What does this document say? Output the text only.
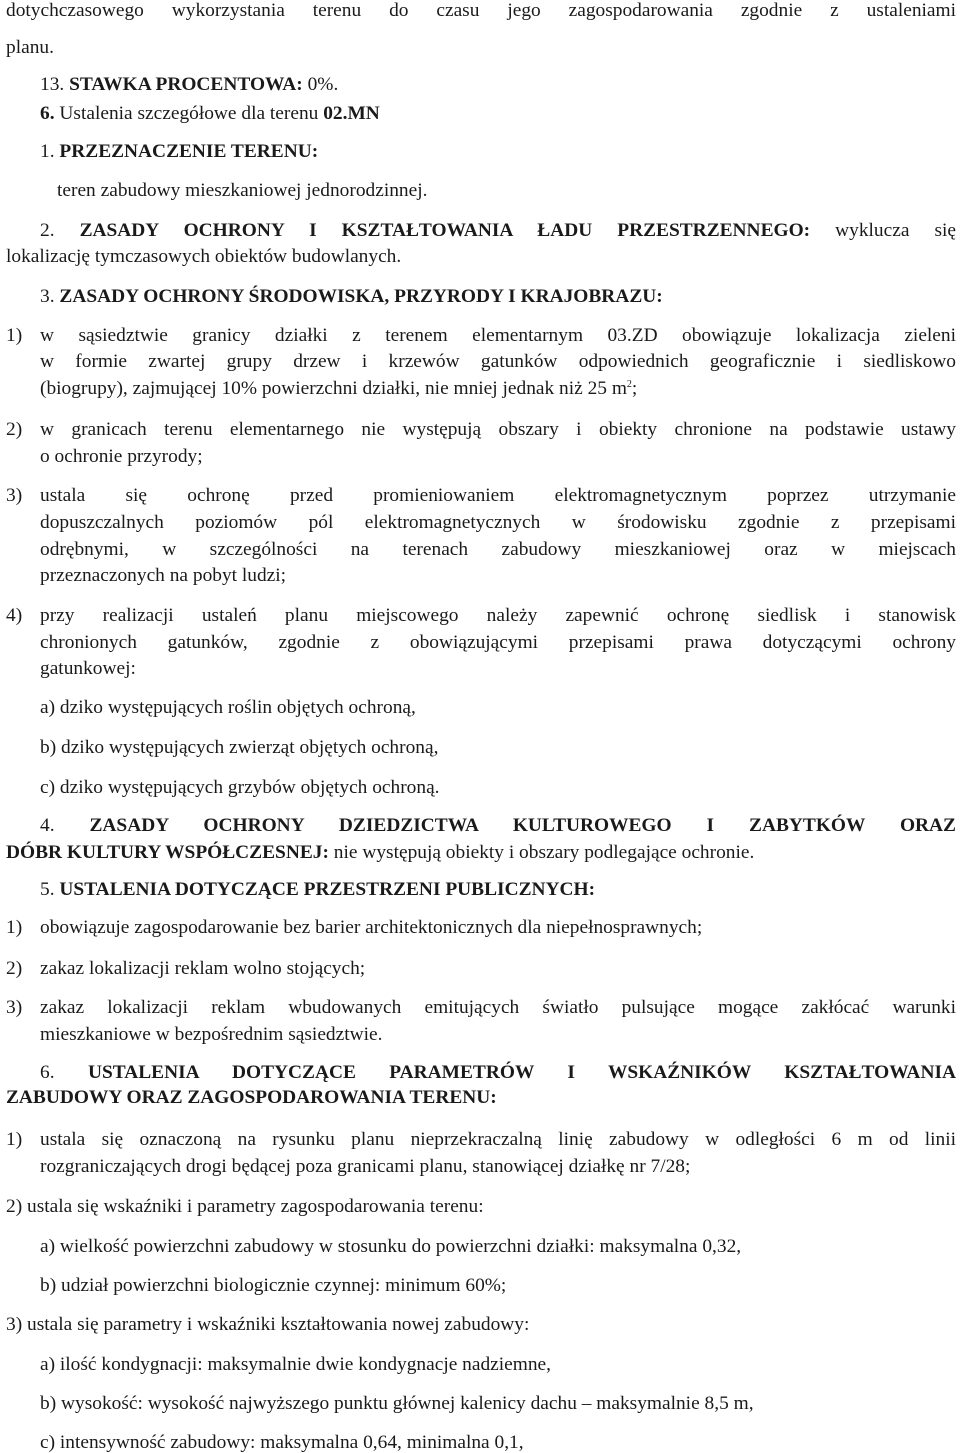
dotychczasowego wykorzystania terenu do czasu jego zagospodarowania zgodnie z ustaleniami
planu.
13. STAWKA PROCENTOWA: 0%.
6. Ustalenia szczegółowe dla terenu 02.MN
1. PRZEZNACZENIE TERENU:
teren zabudowy mieszkaniowej jednorodzinnej.
2. ZASADY OCHRONY I KSZTAŁTOWANIA ŁADU PRZESTRZENNEGO: wyklucza się
lokalizację tymczasowych obiektów budowlanych.
3. ZASADY OCHRONY ŚRODOWISKA, PRZYRODY I KRAJOBRAZU:
1) w sąsiedztwie granicy działki z terenem elementarnym 03.ZD obowiązuje lokalizacja zieleni
w formie zwartej grupy drzew i krzewów gatunków odpowiednich geograficznie i siedliskowo
(biogrupy), zajmującej 10% powierzchni działki, nie mniej jednak niż 25 $m^2$;
2) w granicach terenu elementarnego nie występują obszary i obiekty chronione na podstawie ustawy
o ochronie przyrody;
3) ustala się ochronę przed promieniowaniem elektromagnetycznym poprzez utrzymanie
dopuszczalnych poziomów pól elektromagnetycznych w środowisku zgodnie z przepisami
odrębnymi, w szczególności na terenach zabudowy mieszkaniowej oraz w miejscach
przeznaczonych na pobyt ludzi;
4) przy realizacji ustaleń planu miejscowego należy zapewnić ochronę siedlisk i stanowisk
chronionych gatunków, zgodnie z obowiązującymi przepisami prawa dotyczącymi ochrony
gatunkowej:
a) dziko występujących roślin objętych ochroną,
b) dziko występujących zwierząt objętych ochroną,
c) dziko występujących grzybów objętych ochroną.
4. ZASADY OCHRONY DZIEDZICTWA KULTUROWEGO I ZABYTKÓW ORAZ
DÓBR KULTURY WSPÓŁCZESNEJ: nie występują obiekty i obszary podlegające ochronie.
5. USTALENIA DOTYCZĄCE PRZESTRZENI PUBLICZNYCH:
1) obowiązuje zagospodarowanie bez barier architektonicznych dla niepełnosprawnych;
2) zakaz lokalizacji reklam wolno stojących;
3) zakaz lokalizacji reklam wbudowanych emitujących światło pulsujące mogące zakłócać warunki
mieszkaniowe w bezpośrednim sąsiedztwie.
6. USTALENIA DOTYCZĄCE PARAMETRÓW I WSKAŹNIKÓW KSZTAŁTOWANIA
ZABUDOWY ORAZ ZAGOSPODAROWANIA TERENU:
1) ustala się oznaczoną na rysunku planu nieprzekraczalną linię zabudowy w odległości 6 m od linii
rozgraniczających drogi będącej poza granicami planu, stanowiącej działkę nr 7/28;
2) ustala się wskaźniki i parametry zagospodarowania terenu:
a) wielkość powierzchni zabudowy w stosunku do powierzchni działki: maksymalna 0,32,
b) udział powierzchni biologicznie czynnej: minimum 60%;
3) ustala się parametry i wskaźniki kształtowania nowej zabudowy:
a) ilość kondygnacji: maksymalnie dwie kondygnacje nadziemne,
b) wysokość: wysokość najwyższego punktu głównej kalenicy dachu – maksymalnie 8,5 m,
c) intensywność zabudowy: maksymalna 0,64, minimalna 0,1,
